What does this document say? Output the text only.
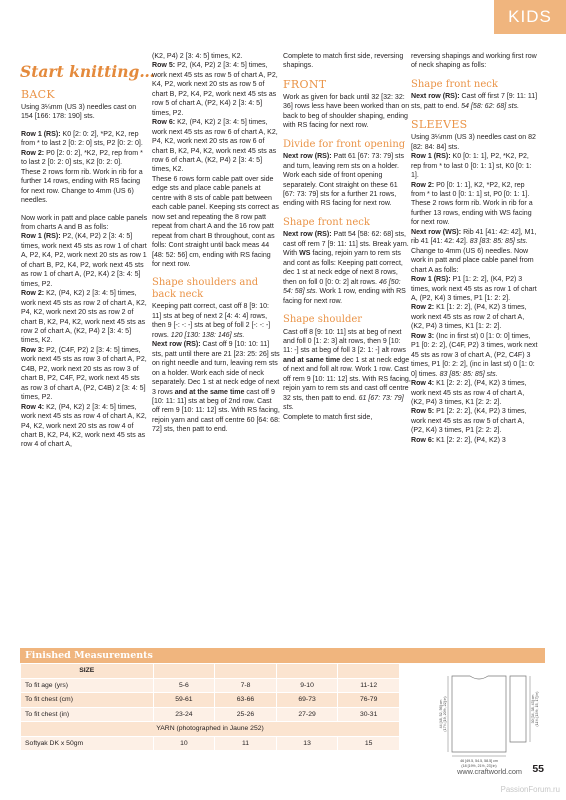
KIDS
Start knitting…
BACK

Using 3¼mm (US 3) needles cast on 154 [166: 178: 190] sts.

Row 1 (RS): K0 [2: 0: 2], *P2, K2, rep from * to last 2 [0: 2: 0] sts, P2 [0: 2: 0].

Row 2: P0 [2: 0: 2], *K2, P2, rep from * to last 2 [0: 2: 0] sts, K2 [0: 2: 0].

These 2 rows form rib. Work in rib for a further 14 rows, ending with RS facing for next row. Change to 4mm (US 6) needles.

Now work in patt and place cable panels from charts A and B as folls:

Row 1 (RS): P2, (K4, P2) 2 [3: 4: 5] times, work next 45 sts as row 1 of chart A, P2, K4, P2, work next 20 sts as row 1 of chart B, P2, K4, P2, work next 45 sts as row 1 of chart A, (P2, K4) 2 [3: 4: 5] times, P2.

Row 2: K2, (P4, K2) 2 [3: 4: 5] times, work next 45 sts as row 2 of chart A, K2, P4, K2, work next 20 sts as row 2 of chart B, K2, P4, K2, work next 45 sts as row 2 of chart A, (K2, P4) 2 [3: 4: 5] times, K2.

Row 3: P2, (C4F, P2) 2 [3: 4: 5] times, work next 45 sts as row 3 of chart A, P2, C4B, P2, work next 20 sts as row 3 of chart B, P2, C4F, P2, work next 45 sts as row 3 of chart A, (P2, C4B) 2 [3: 4: 5] times, P2.

Row 4: K2, (P4, K2) 2 [3: 4: 5] times, work next 45 sts as row 4 of chart A, K2, P4, K2, work next 20 sts as row 4 of chart B, K2, P4, K2, work next 45 sts as row 4 of chart A,

(K2, P4) 2 [3: 4: 5] times, K2.

Row 5: P2, (K4, P2) 2 [3: 4: 5] times, work next 45 sts as row 5 of chart A, P2, K4, P2, work next 20 sts as row 5 of chart B, P2, K4, P2, work next 45 sts as row 5 of chart A, (P2, K4) 2 [3: 4: 5] times, P2.

Row 6: K2, (P4, K2) 2 [3: 4: 5] times, work next 45 sts as row 6 of chart A, K2, P4, K2, work next 20 sts as row 6 of chart B, K2, P4, K2, work next 45 sts as row 6 of chart A, (K2, P4) 2 [3: 4: 5] times, K2.

These 6 rows form cable patt over side edge sts and place cable panels at centre with 8 sts of cable patt between each cable panel. Keeping sts correct as now set and repeating the 8 row patt repeat from chart A and the 16 row patt repeat from chart B throughout, cont as folls: Cont straight until back meas 44 [48: 52: 56] cm, ending with RS facing for next row.

Shape shoulders and back neck

Keeping patt correct, cast off 8 [9: 10: 11] sts at beg of next 2 [4: 4: 4] rows, then 9 [-: -: -] sts at beg of foll 2 [-: -: -] rows. 120 [130: 138: 146] sts.

Next row (RS): Cast off 9 [10: 10: 11] sts, patt until there are 21 [23: 25: 26] sts on right needle and turn, leaving rem sts on a holder. Work each side of neck separately. Dec 1 st at neck edge of next 3 rows and at the same time cast off 9 [10: 11: 11] sts at beg of 2nd row. Cast off rem 9 [10: 11: 12] sts. With RS facing, rejoin yarn and cast off centre 60 [64: 68: 72] sts, then patt to end.

Complete to match first side, reversing shapings.

FRONT

Work as given for back until 32 [32: 32: 36] rows less have been worked than on back to beg of shoulder shaping, ending with RS facing for next row.

Divide for front opening

Next row (RS): Patt 61 [67: 73: 79] sts and turn, leaving rem sts on a holder. Work each side of front opening separately. Cont straight on these 61 [67: 73: 79] sts for a further 21 rows, ending with RS facing for next row.

Shape front neck

Next row (RS): Patt 54 [58: 62: 68] sts, cast off rem 7 [9: 11: 11] sts. Break yarn. With WS facing, rejoin yarn to rem sts and cont as folls: Keeping patt correct, dec 1 st at neck edge of next 8 rows, then on foll 0 [0: 0: 2] alt rows. 46 [50: 54: 58] sts. Work 1 row, ending with RS facing for next row.

Shape shoulder

Cast off 8 [9: 10: 11] sts at beg of next and foll 0 [1: 2: 3] alt rows, then 9 [10: 11: -] sts at beg of foll 3 [2: 1: -] alt rows and at same time dec 1 st at neck edge of next and foll alt row. Work 1 row. Cast off rem 9 [10: 11: 12] sts. With RS facing, rejoin yarn to rem sts and cast off centre 32 sts, then patt to end. 61 [67: 73: 79] sts.

Complete to match first side,

reversing shapings and working first row of neck shaping as folls:

Shape front neck

Next row (RS): Cast off first 7 [9: 11: 11] sts, patt to end. 54 [58: 62: 68] sts.

SLEEVES

Using 3¼mm (US 3) needles cast on 82 [82: 84: 84] sts.

Row 1 (RS): K0 [0: 1: 1], P2, *K2, P2, rep from * to last 0 [0: 1: 1] st, K0 [0: 1: 1].

Row 2: P0 [0: 1: 1], K2, *P2, K2, rep from * to last 0 [0: 1: 1] st, P0 [0: 1: 1].

These 2 rows form rib. Work in rib for a further 13 rows, ending with WS facing for next row.

Next row (WS): Rib 41 [41: 42: 42], M1, rib 41 [41: 42: 42]. 83 [83: 85: 85] sts.

Change to 4mm (US 6) needles. Now work in patt and place cable panel from chart A as folls:

Row 1 (RS): P1 [1: 2: 2], (K4, P2) 3 times, work next 45 sts as row 1 of chart A, (P2, K4) 3 times, P1 [1: 2: 2].

Row 2: K1 [1: 2: 2], (P4, K2) 3 times, work next 45 sts as row 2 of chart A, (K2, P4) 3 times, K1 [1: 2: 2].

Row 3: (Inc in first st) 0 [1: 0: 0] times, P1 [0: 2: 2], (C4F, P2) 3 times, work next 45 sts as row 3 of chart A, (P2, C4F) 3 times, P1 [0: 2: 2], (inc in last st) 0 [1: 0: 0] times. 83 [85: 85: 85] sts.

Row 4: K1 [2: 2: 2], (P4, K2) 3 times, work next 45 sts as row 4 of chart A, (K2, P4) 3 times, K1 [2: 2: 2].

Row 5: P1 [2: 2: 2], (K4, P2) 3 times, work next 45 sts as row 5 of chart A, (P2, K4) 3 times, P1 [2: 2: 2].

Row 6: K1 [2: 2: 2], (P4, K2) 3

Finished Measurements
SIZE				
To fit age (yrs)	5-6	7-8	9-10	11-12
To fit chest (cm)	59-61	63-66	69-73	76-79
To fit chest (in)	23-24	25-26	27-29	30-31
YARN (photographed in Jaune 252)				
Softyak DK x 50gm	10	11	13	15
46 [49.5, 54.5, 58.5] cm
(18 [19½, 21½, 23] in)
44 [48, 52, 56] cm (17¼ [19, 20½, 22] in)	30 [34, 38, 43] cm (11¾ [13½, 15, 17] in)
www.craftworld.com 55
PassionForum.ru
